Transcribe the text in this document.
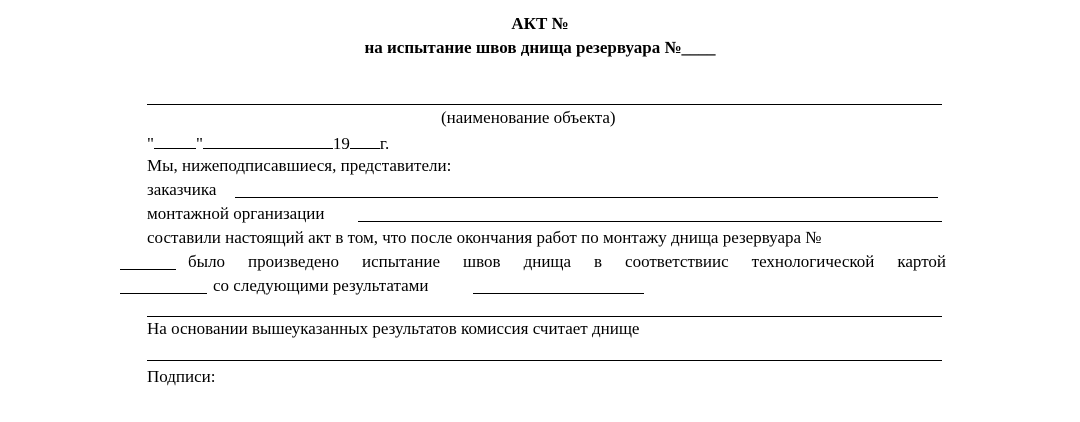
АКТ №
на испытание швов днища резервуара №____
(наименование объекта)
" "	19 г.
Мы, нижеподписавшиеся, представители:
заказчика
монтажной организации
составили настоящий акт в том, что после окончания работ по монтажу днища резервуара №
было произведено испытание швов днища в соответствиис технологической картой
со следующими результатами
На основании вышеуказанных результатов комиссия считает днище
Подписи:
